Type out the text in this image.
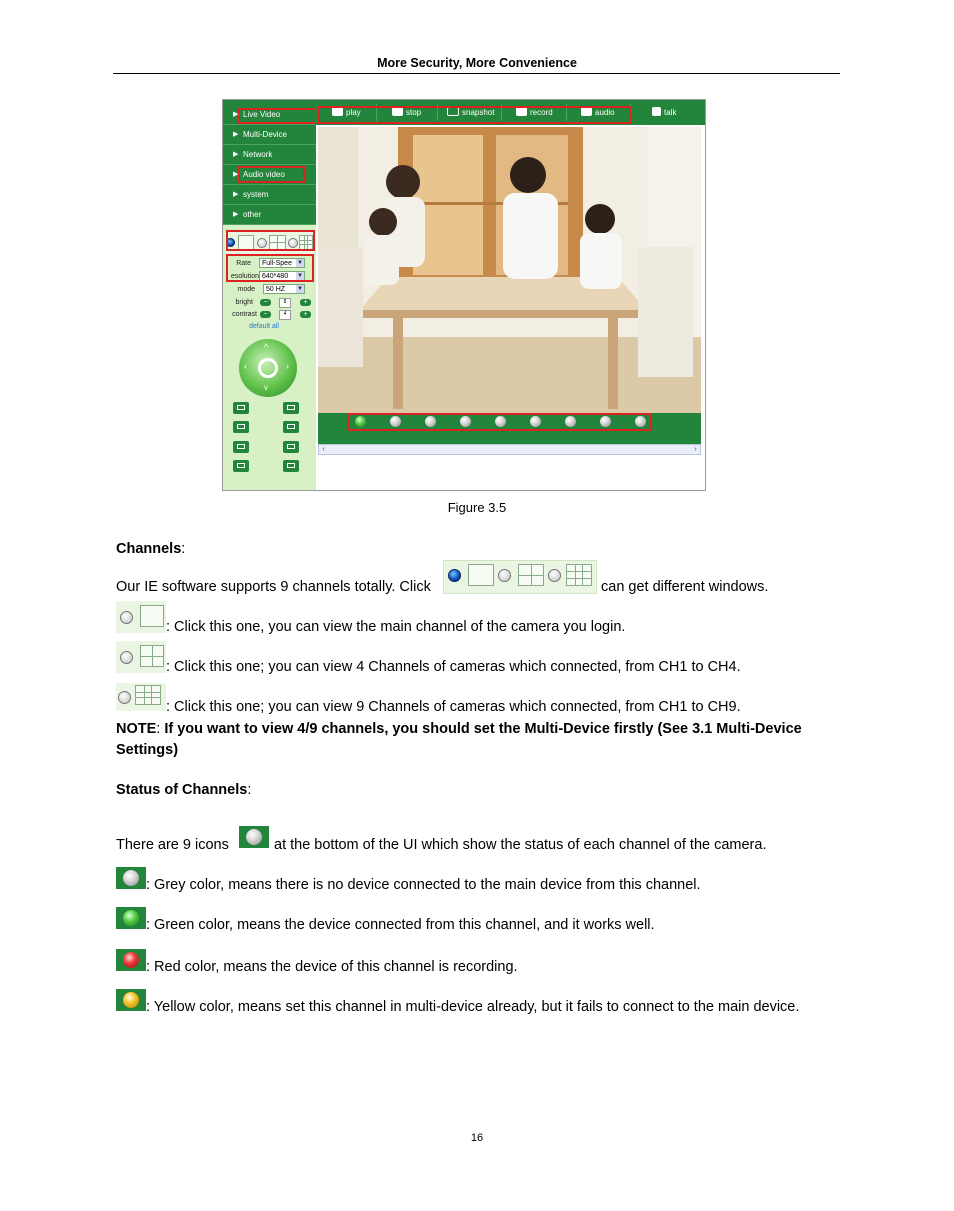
More Security, More Convenience
▶ Live Video
▶ Multi-Device
▶ Network
▶ Audio video
▶ system
▶ other
play	stop	snapshot	record	audio	talk
Rate	Full-Spee ▼
esolution 640*480 ▼
mode	50 HZ ▼
bright	−	8	+
contrast −	4	+
default all
^
v
‹	›
‹	›
Figure 3.5
Channels:
Our IE software supports 9 channels totally. Click	can get different windows.
: Click this one, you can view the main channel of the camera you login.
: Click this one; you can view 4 Channels of cameras which connected, from CH1 to CH4.
: Click this one; you can view 9 Channels of cameras which connected, from CH1 to CH9.
NOTE: If you want to view 4/9 channels, you should set the Multi-Device firstly (See 3.1 Multi-Device
Settings)
Status of Channels:
There are 9 icons	at the bottom of the UI which show the status of each channel of the camera.
: Grey color, means there is no device connected to the main device from this channel.
: Green color, means the device connected from this channel, and it works well.
: Red color, means the device of this channel is recording.
: Yellow color, means set this channel in multi-device already, but it fails to connect to the main device.
16
